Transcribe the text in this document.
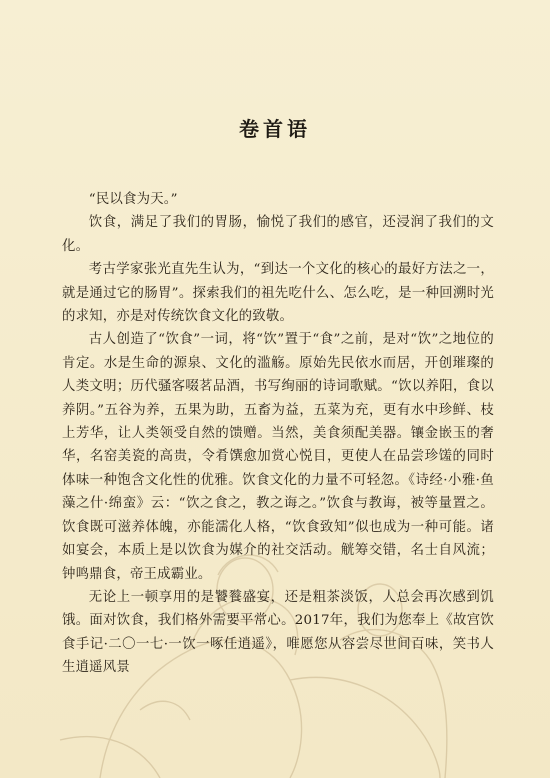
卷首语

“民以食为天。”

饮食，满足了我们的胃肠，愉悦了我们的感官，还浸润了我们的文化。

考古学家张光直先生认为，“到达一个文化的核心的最好方法之一，就是通过它的肠胃”。探索我们的祖先吃什么、怎么吃，是一种回溯时光的求知，亦是对传统饮食文化的致敬。

古人创造了“饮食”一词，将“饮”置于“食”之前，是对“饮”之地位的肯定。水是生命的源泉、文化的滥觞。原始先民依水而居，开创璀璨的人类文明；历代骚客啜茗品酒，书写绚丽的诗词歌赋。“饮以养阳，食以养阴。”五谷为养，五果为助，五畜为益，五菜为充，更有水中珍鲜、枝上芳华，让人类领受自然的馈赠。当然，美食须配美器。镶金嵌玉的奢华，名窑美瓷的高贵，令肴馔愈加赏心悦目，更使人在品尝珍馐的同时体味一种饱含文化性的优雅。饮食文化的力量不可轻忽。《诗经·小雅·鱼藻之什·绵蛮》云：“饮之食之，教之诲之。”饮食与教诲，被等量置之。饮食既可滋养体魄，亦能濡化人格，“饮食致知”似也成为一种可能。诸如宴会，本质上是以饮食为媒介的社交活动。觥筹交错，名士自风流；钟鸣鼎食，帝王成霸业。

无论上一顿享用的是饕餮盛宴，还是粗茶淡饭，人总会再次感到饥饿。面对饮食，我们格外需要平常心。2017年，我们为您奉上《故宫饮食手记·二〇一七·一饮一啄任逍遥》，唯愿您从容尝尽世间百味，笑书人生逍遥风景
